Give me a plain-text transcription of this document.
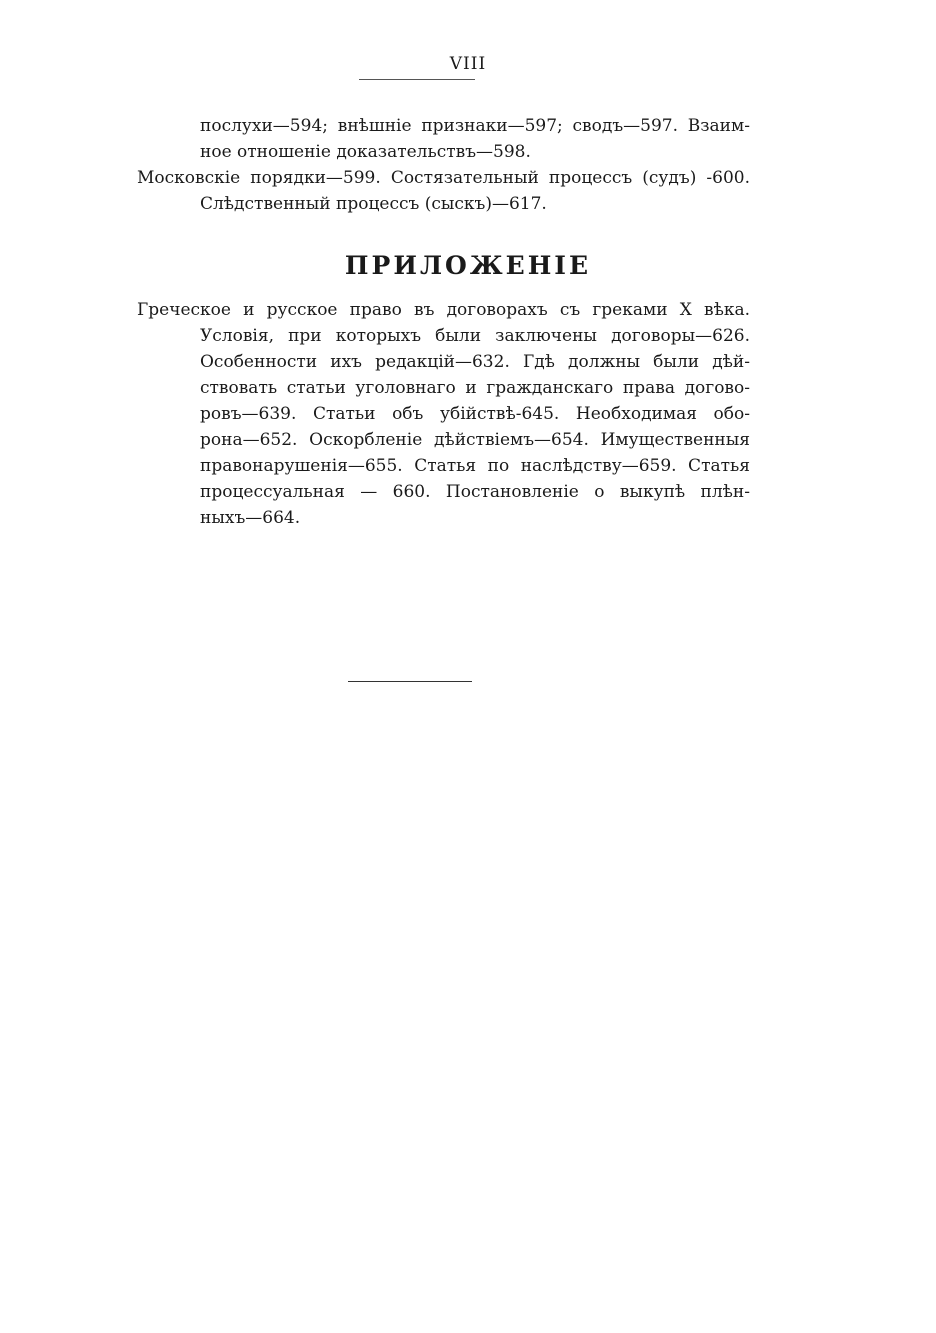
VIII
послухи—594; внѣшніе признаки—597; сводъ—597. Взаим-
ное отношеніе доказательствъ—598.
Московскіе порядки—599. Состязательный процессъ (судъ) -600.
Слѣдственный процессъ (сыскъ)—617.
ПРИЛОЖЕНІЕ
Греческое и русское право въ договорахъ съ греками X вѣка.
Условія, при которыхъ были заключены договоры—626.
Особенности ихъ редакцій—632. Гдѣ должны были дѣй-
ствовать статьи уголовнаго и гражданскаго права догово-
ровъ—639. Статьи объ убійствѣ-645. Необходимая обо-
рона—652. Оскорбленіе дѣйствіемъ—654. Имущественныя
правонарушенія—655. Статья по наслѣдству—659. Статья
процессуальная — 660. Постановленіе о выкупѣ плѣн-
ныхъ—664.
